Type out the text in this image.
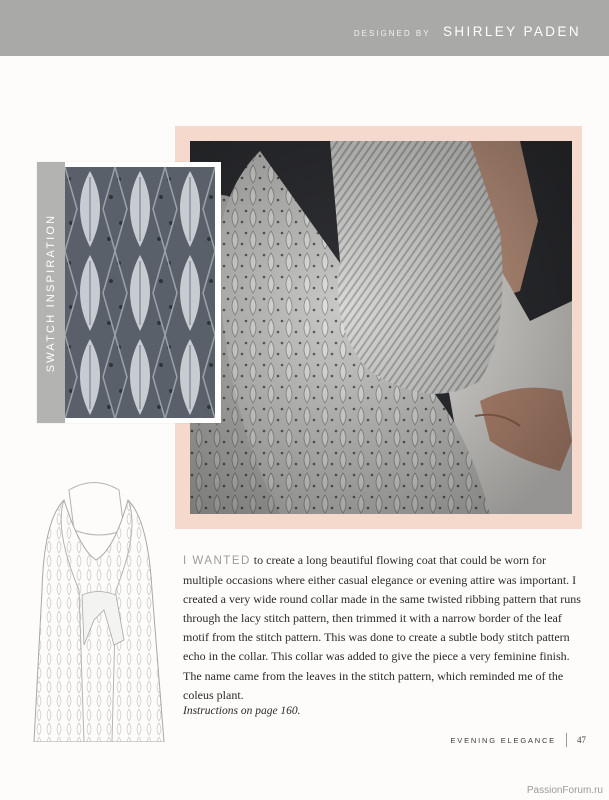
DESIGNED BY SHIRLEY PADEN
SWATCH INSPIRATION

I WANTED to create a long beautiful flowing coat that could be worn for multiple occasions where either casual elegance or evening attire was important. I created a very wide round collar made in the same twisted ribbing pattern that runs through the lacy stitch pattern, then trimmed it with a narrow border of the leaf motif from the stitch pattern. This was done to create a subtle body stitch pattern echo in the collar. This collar was added to give the piece a very feminine finish. The name came from the leaves in the stitch pattern, which reminded me of the coleus plant.

Instructions on page 160.

EVENING ELEGANCE 47
PassionForum.ru
